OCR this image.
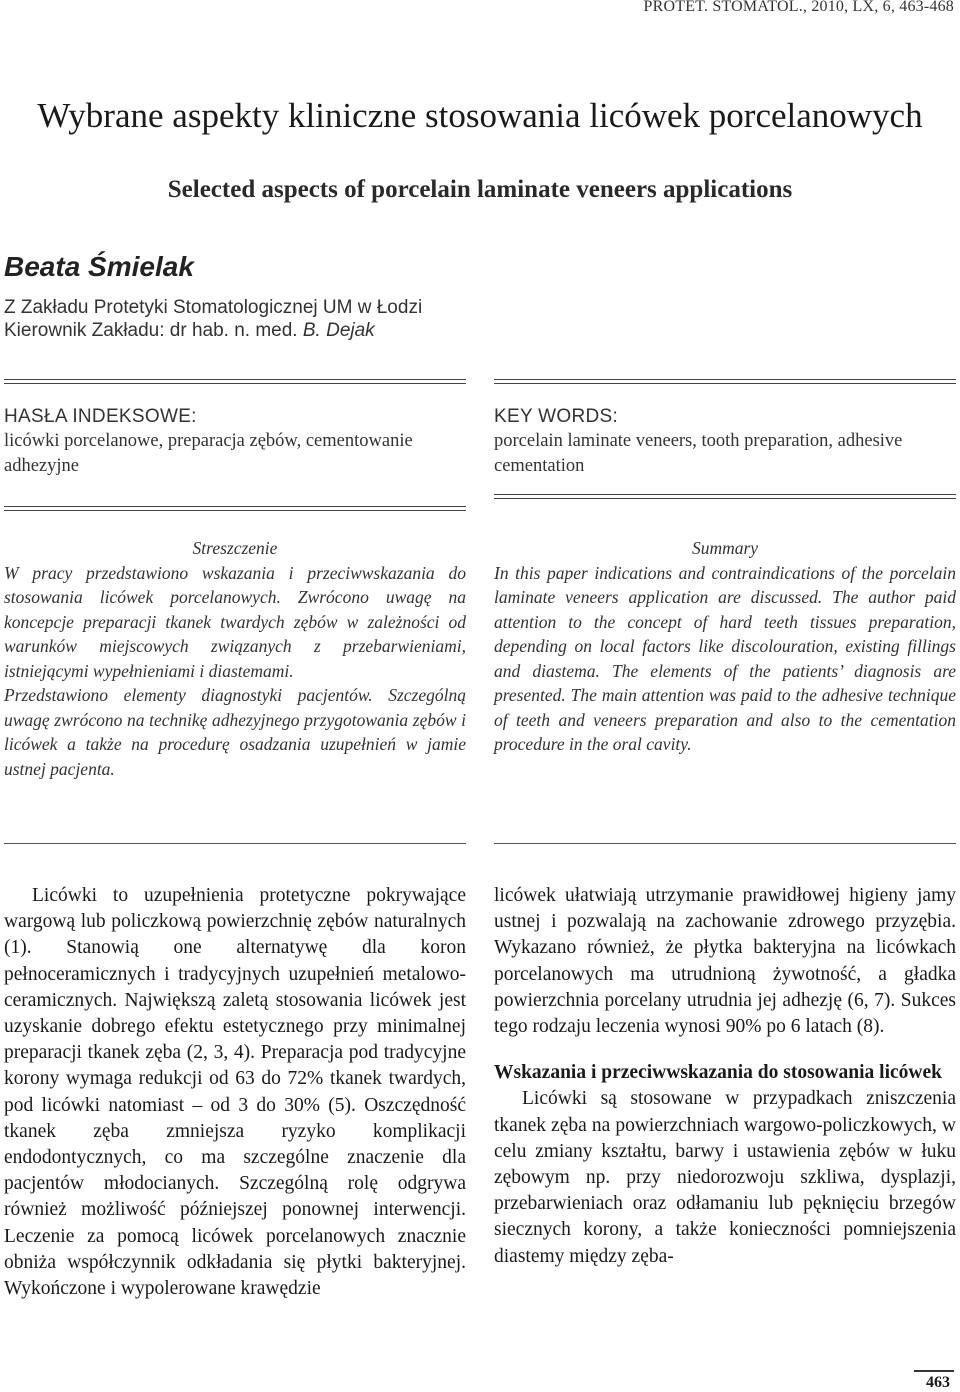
PROTET. STOMATOL., 2010, LX, 6, 463-468
Wybrane aspekty kliniczne stosowania licówek porcelanowych
Selected aspects of porcelain laminate veneers applications
Beata Śmielak
Z Zakładu Protetyki Stomatologicznej UM w Łodzi
Kierownik Zakładu: dr hab. n. med. B. Dejak
HASŁA INDEKSOWE:
licówki porcelanowe, preparacja zębów, cementowanie adhezyjne
KEY WORDS:
porcelain laminate veneers, tooth preparation, adhesive cementation

Streszczenie

W pracy przedstawiono wskazania i przeciwwskazania do stosowania licówek porcelanowych. Zwrócono uwagę na koncepcje preparacji tkanek twardych zębów w zależności od warunków miejscowych związanych z przebarwieniami, istniejącymi wypełnieniami i diastemami.

Przedstawiono elementy diagnostyki pacjentów. Szczególną uwagę zwrócono na technikę adhezyjnego przygotowania zębów i licówek a także na procedurę osadzania uzupełnień w jamie ustnej pacjenta.

Summary

In this paper indications and contraindications of the porcelain laminate veneers application are discussed. The author paid attention to the concept of hard teeth tissues preparation, depending on local factors like discolouration, existing fillings and diastema. The elements of the patients’ diagnosis are presented. The main attention was paid to the adhesive technique of teeth and veneers preparation and also to the cementation procedure in the oral cavity.

Licówki to uzupełnienia protetyczne pokrywające wargową lub policzkową powierzchnię zębów naturalnych (1). Stanowią one alternatywę dla koron pełnoceramicznych i tradycyjnych uzupełnień metalowo-ceramicznych. Największą zaletą stosowania licówek jest uzyskanie dobrego efektu estetycznego przy minimalnej preparacji tkanek zęba (2, 3, 4). Preparacja pod tradycyjne korony wymaga redukcji od 63 do 72% tkanek twardych, pod licówki natomiast – od 3 do 30% (5). Oszczędność tkanek zęba zmniejsza ryzyko komplikacji endodontycznych, co ma szczególne znaczenie dla pacjentów młodocianych. Szczególną rolę odgrywa również możliwość późniejszej ponownej interwencji. Leczenie za pomocą licówek porcelanowych znacznie obniża współczynnik odkładania się płytki bakteryjnej. Wykończone i wypolerowane krawędzie

licówek ułatwiają utrzymanie prawidłowej higieny jamy ustnej i pozwalają na zachowanie zdrowego przyzębia. Wykazano również, że płytka bakteryjna na licówkach porcelanowych ma utrudnioną żywotność, a gładka powierzchnia porcelany utrudnia jej adhezję (6, 7). Sukces tego rodzaju leczenia wynosi 90% po 6 latach (8).

Wskazania i przeciwwskazania do stosowania licówek

Licówki są stosowane w przypadkach zniszczenia tkanek zęba na powierzchniach wargowo-policzkowych, w celu zmiany kształtu, barwy i ustawienia zębów w łuku zębowym np. przy niedorozwoju szkliwa, dysplazji, przebarwieniach oraz odłamaniu lub pęknięciu brzegów siecznych korony, a także konieczności pomniejszenia diastemy między zęba-

463
